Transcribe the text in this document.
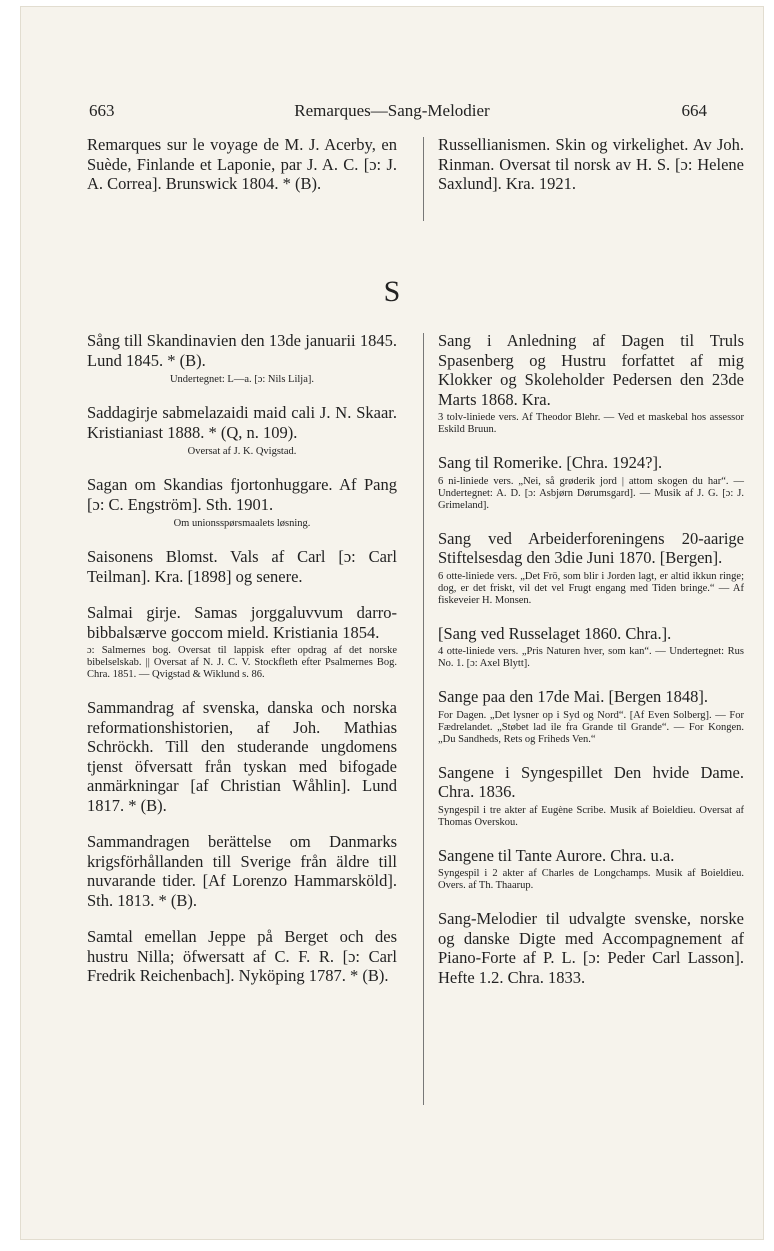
663	Remarques—Sang-Melodier	664

Remarques sur le voyage de M. J. Acerby, en Suède, Finlande et Laponie, par J. A. C. [ɔ: J. A. Correa]. Brunswick 1804. * (B).

Russellianismen. Skin og virkelighet. Av Joh. Rinman. Oversat til norsk av H. S. [ɔ: Helene Saxlund]. Kra. 1921.

S

Sång till Skandinavien den 13de januarii 1845. Lund 1845. * (B).

Undertegnet: L—a. [ɔ: Nils Lilja].

Saddagirje sabmelazaidi maid cali J. N. Skaar. Kristianiast 1888. * (Q, n. 109).

Oversat af J. K. Qvigstad.

Sagan om Skandias fjortonhuggare. Af Pang [ɔ: C. Engström]. Sth. 1901.

Om unionsspørsmaalets løsning.

Saisonens Blomst. Vals af Carl [ɔ: Carl Teilman]. Kra. [1898] og senere.

Salmai girje. Samas jorggaluvvum darro-bibbalsærve goccom mield. Kristiania 1854.

ɔ: Salmernes bog. Oversat til lappisk efter opdrag af det norske bibelselskab. || Oversat af N. J. C. V. Stockfleth efter Psalmernes Bog. Chra. 1851. — Qvigstad & Wiklund s. 86.

Sammandrag af svenska, danska och norska reformationshistorien, af Joh. Mathias Schröckh. Till den studerande ungdomens tjenst öfversatt från tyskan med bifogade anmärkningar [af Christian Wåhlin]. Lund 1817. * (B).

Sammandragen berättelse om Danmarks krigsförhållanden till Sverige från äldre till nuvarande tider. [Af Lorenzo Hammarsköld]. Sth. 1813. * (B).

Samtal emellan Jeppe på Berget och des hustru Nilla; öfwersatt af C. F. R. [ɔ: Carl Fredrik Reichenbach]. Nyköping 1787. * (B).

Sang i Anledning af Dagen til Truls Spasenberg og Hustru forfattet af mig Klokker og Skoleholder Pedersen den 23de Marts 1868. Kra.

3 tolv-liniede vers. Af Theodor Blehr. — Ved et maskebal hos assessor Eskild Bruun.

Sang til Romerike. [Chra. 1924?].

6 ni-liniede vers. „Nei, så grøderik jord | attom skogen du har“. — Undertegnet: A. D. [ɔ: Asbjørn Dørumsgard]. — Musik af J. G. [ɔ: J. Grimeland].

Sang ved Arbeiderforeningens 20-aarige Stiftelsesdag den 3die Juni 1870. [Bergen].

6 otte-liniede vers. „Det Frö, som blir i Jorden lagt, er altid ikkun ringe; dog, er det friskt, vil det vel Frugt engang med Tiden bringe.“ — Af fiskeveier H. Monsen.

[Sang ved Russelaget 1860. Chra.].

4 otte-liniede vers. „Pris Naturen hver, som kan“. — Undertegnet: Rus No. 1. [ɔ: Axel Blytt].

Sange paa den 17de Mai. [Bergen 1848].

For Dagen. „Det lysner op i Syd og Nord“. [Af Even Solberg]. — For Fædrelandet. „Støbet lad ile fra Grande til Grande“. — For Kongen. „Du Sandheds, Rets og Friheds Ven.“

Sangene i Syngespillet Den hvide Dame. Chra. 1836.

Syngespil i tre akter af Eugène Scribe. Musik af Boieldieu. Oversat af Thomas Overskou.

Sangene til Tante Aurore. Chra. u.a.

Syngespil i 2 akter af Charles de Longchamps. Musik af Boieldieu. Overs. af Th. Thaarup.

Sang-Melodier til udvalgte svenske, norske og danske Digte med Accompagnement af Piano-Forte af P. L. [ɔ: Peder Carl Lasson]. Hefte 1.2. Chra. 1833.
